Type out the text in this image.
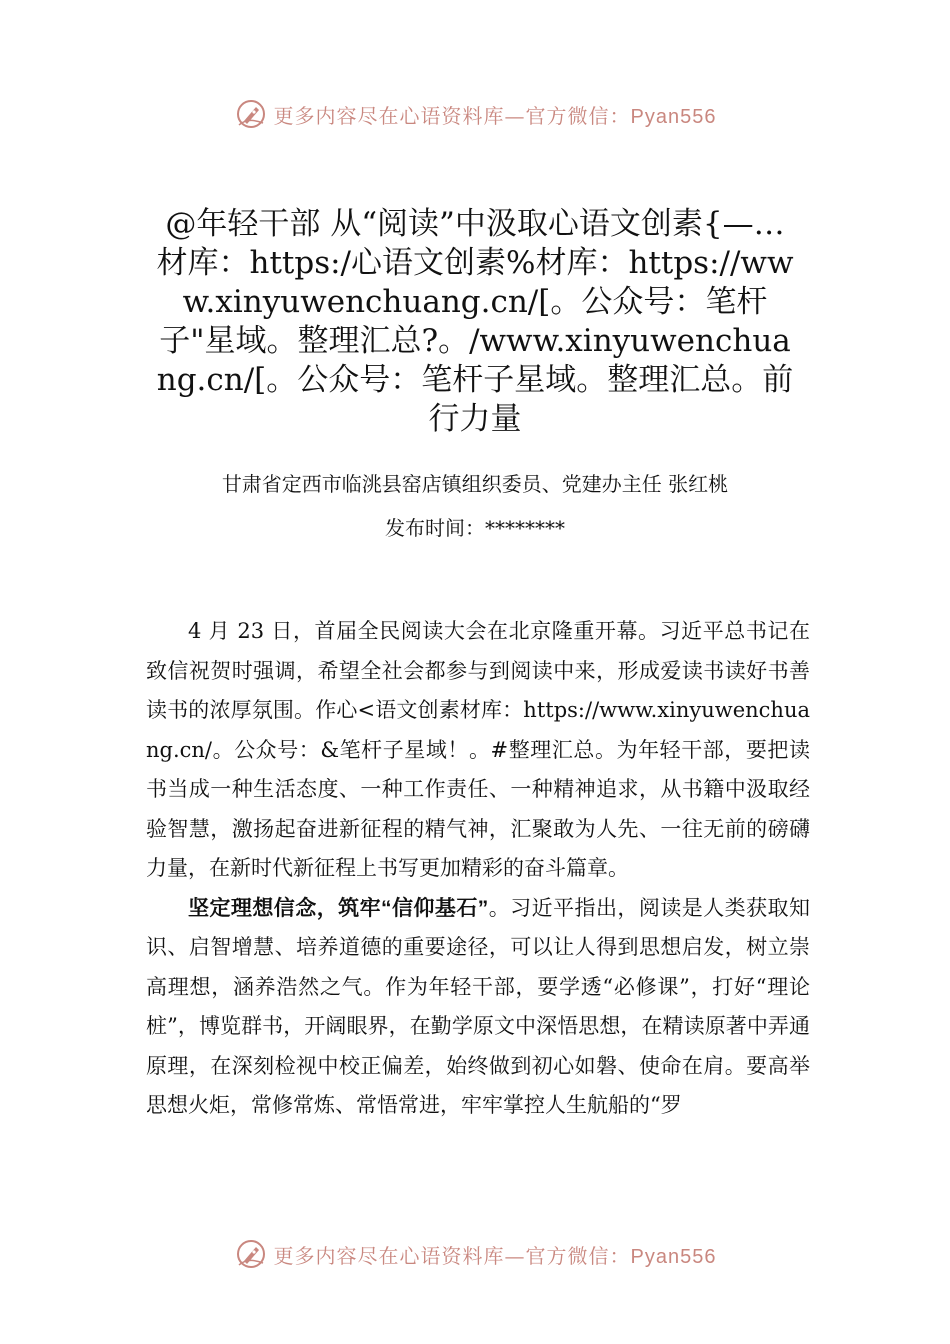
更多内容尽在心语资料库—官方微信：Pyan556
@年轻干部 从“阅读”中汲取心语文创素{—…材库：https:/心语文创素%材库：https://www.xinyuwenchuang.cn/[。公众号：笔杆子"星域。整理汇总?。/www.xinyuwenchuang.cn/[。公众号：笔杆子星域。整理汇总。前行力量
甘肃省定西市临洮县窑店镇组织委员、党建办主任 张红桃
发布时间：********

4 月 23 日，首届全民阅读大会在北京隆重开幕。习近平总书记在致信祝贺时强调，希望全社会都参与到阅读中来，形成爱读书读好书善读书的浓厚氛围。作心<语文创素材库：https://www.xinyuwenchuang.cn/。公众号：&笔杆子星域！。#整理汇总。为年轻干部，要把读书当成一种生活态度、一种工作责任、一种精神追求，从书籍中汲取经验智慧，激扬起奋进新征程的精气神，汇聚敢为人先、一往无前的磅礴力量，在新时代新征程上书写更加精彩的奋斗篇章。

坚定理想信念，筑牢“信仰基石”。习近平指出，阅读是人类获取知识、启智增慧、培养道德的重要途径，可以让人得到思想启发，树立崇高理想，涵养浩然之气。作为年轻干部，要学透“必修课”，打好“理论桩”，博览群书，开阔眼界，在勤学原文中深悟思想，在精读原著中弄通原理，在深刻检视中校正偏差，始终做到初心如磐、使命在肩。要高举思想火炬，常修常炼、常悟常进，牢牢掌控人生航船的“罗

更多内容尽在心语资料库—官方微信：Pyan556
